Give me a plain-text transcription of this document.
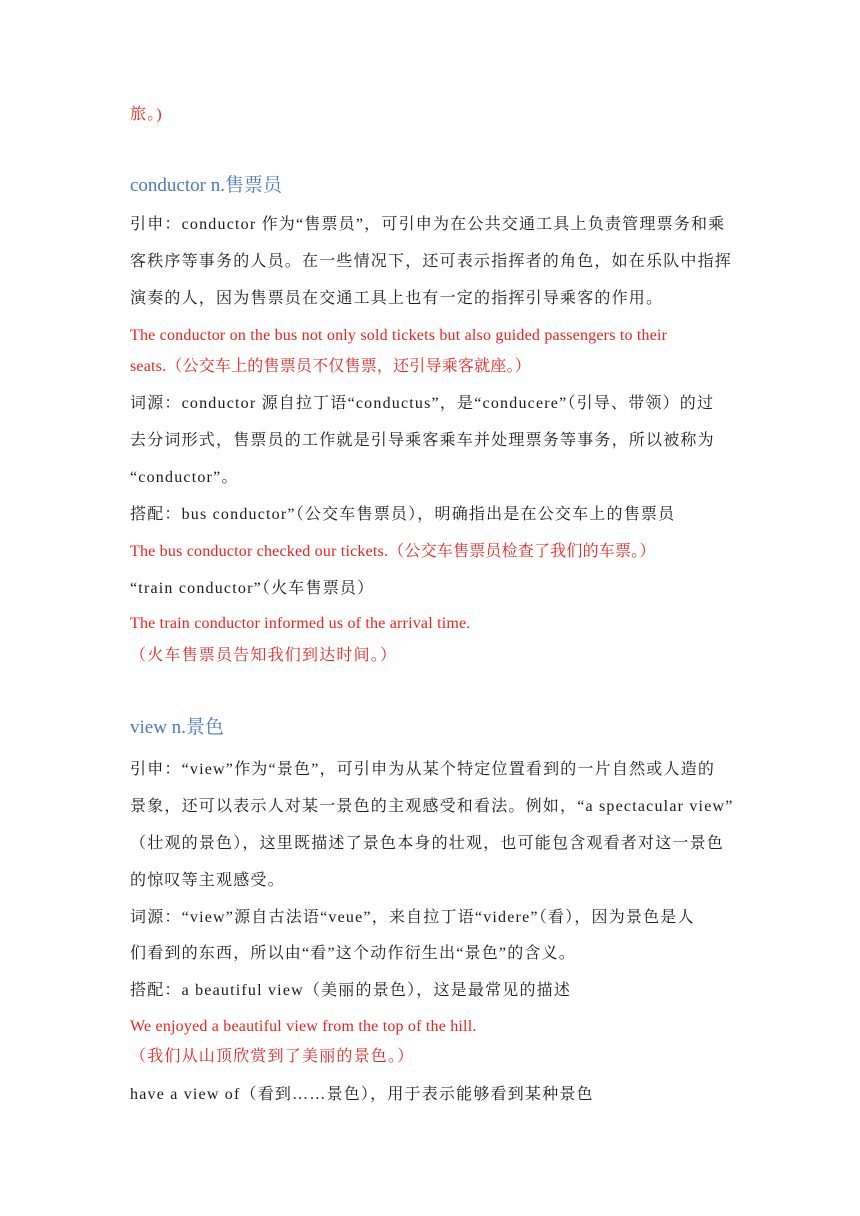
旅。)
conductor n.售票员
引申：conductor 作为“售票员”，可引申为在公共交通工具上负责管理票务和乘
客秩序等事务的人员。在一些情况下，还可表示指挥者的角色，如在乐队中指挥
演奏的人，因为售票员在交通工具上也有一定的指挥引导乘客的作用。
The conductor on the bus not only sold tickets but also guided passengers to their
seats.（公交车上的售票员不仅售票，还引导乘客就座。）
词源：conductor 源自拉丁语“conductus”，是“conducere”（引导、带领）的过
去分词形式，售票员的工作就是引导乘客乘车并处理票务等事务，所以被称为
“conductor”。
搭配：bus conductor”（公交车售票员），明确指出是在公交车上的售票员
The bus conductor checked our tickets.（公交车售票员检查了我们的车票。）
“train conductor”（火车售票员）
The train conductor informed us of the arrival time.
（火车售票员告知我们到达时间。）
view n.景色
引申：“view”作为“景色”，可引申为从某个特定位置看到的一片自然或人造的
景象，还可以表示人对某一景色的主观感受和看法。例如，“a spectacular view”
（壮观的景色），这里既描述了景色本身的壮观，也可能包含观看者对这一景色
的惊叹等主观感受。
词源：“view”源自古法语“veue”，来自拉丁语“videre”（看），因为景色是人
们看到的东西，所以由“看”这个动作衍生出“景色”的含义。
搭配：a beautiful view（美丽的景色），这是最常见的描述
We enjoyed a beautiful view from the top of the hill.
（我们从山顶欣赏到了美丽的景色。）
have a view of（看到……景色），用于表示能够看到某种景色
